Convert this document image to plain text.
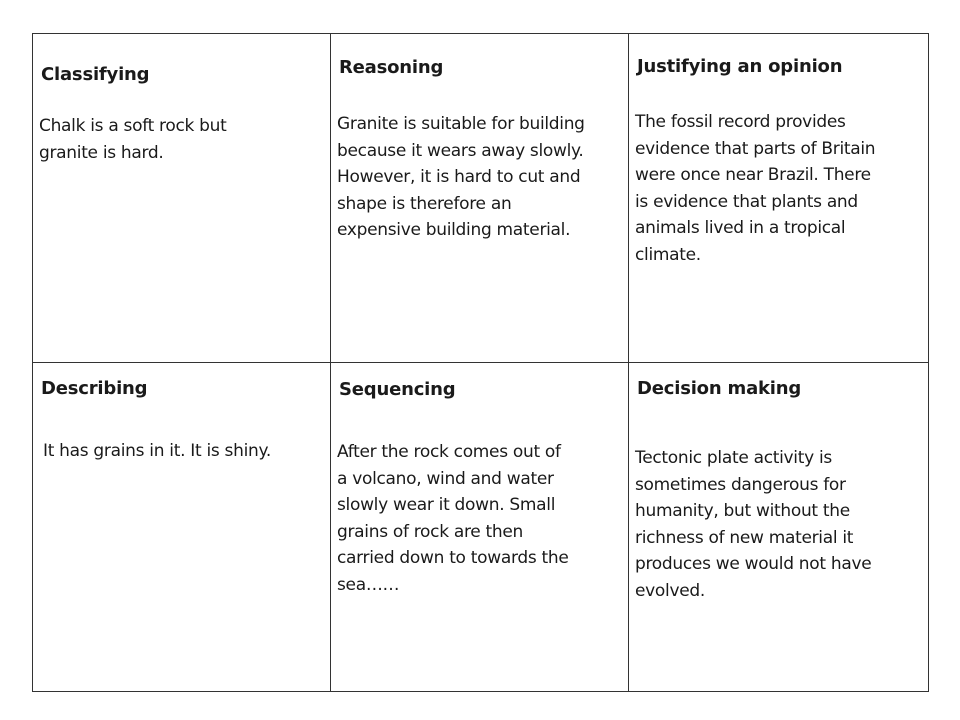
Classifying
Chalk is a soft rock but
granite is hard.
Reasoning
Granite is suitable for building
because it wears away slowly.
However, it is hard to cut and
shape is therefore an
expensive building material.
Justifying an opinion
The fossil record provides
evidence that parts of Britain
were once near Brazil. There
is evidence that plants and
animals lived in a tropical
climate.
Describing
It has grains in it. It is shiny.
Sequencing
After the rock comes out of
a volcano, wind and water
slowly wear it down. Small
grains of rock are then
carried down to towards the
sea……
Decision making
Tectonic plate activity is
sometimes dangerous for
humanity, but without the
richness of new material it
produces we would not have
evolved.
